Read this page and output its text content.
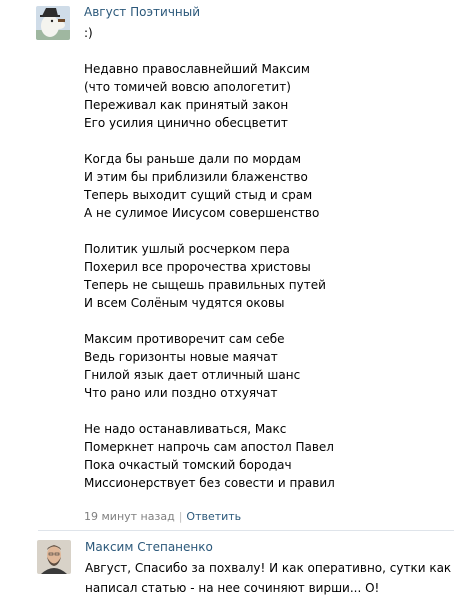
Август Поэтичный
:)

Недавно православнейший Максим
(что томичей вовсю апологетит)
Переживал как принятый закон
Его усилия цинично обесцветит

Когда бы раньше дали по мордам
И этим бы приблизили блаженство
Теперь выходит сущий стыд и срам
А не сулимое Иисусом совершенство

Политик ушлый росчерком пера
Похерил все пророчества христовы
Теперь не сыщешь правильных путей
И всем Солёным чудятся оковы

Максим противоречит сам себе
Ведь горизонты новые маячат
Гнилой язык дает отличный шанс
Что рано или поздно отхуячат

Не надо останавливаться, Макс
Померкнет напрочь сам апостол Павел
Пока очкастый томский бородач
Миссионерствует без совести и правил
19 минут назад | Ответить
Максим Степаненко
Август, Спасибо за похвалу! И как оперативно, сутки как написал статью - на нее сочиняют вирши... О!
